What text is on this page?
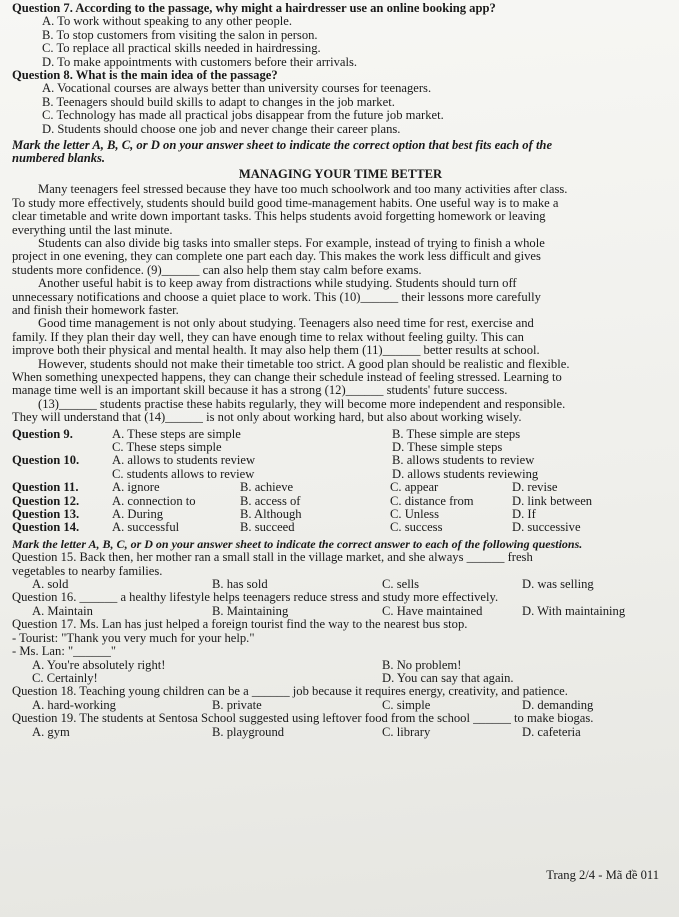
Question 7. According to the passage, why might a hairdresser use an online booking app?
A. To work without speaking to any other people.
B. To stop customers from visiting the salon in person.
C. To replace all practical skills needed in hairdressing.
D. To make appointments with customers before their arrivals.
Question 8. What is the main idea of the passage?
A. Vocational courses are always better than university courses for teenagers.
B. Teenagers should build skills to adapt to changes in the job market.
C. Technology has made all practical jobs disappear from the future job market.
D. Students should choose one job and never change their career plans.
Mark the letter A, B, C, or D on your answer sheet to indicate the correct option that best fits each of the
numbered blanks.
MANAGING YOUR TIME BETTER
Many teenagers feel stressed because they have too much schoolwork and too many activities after class.
To study more effectively, students should build good time-management habits. One useful way is to make a
clear timetable and write down important tasks. This helps students avoid forgetting homework or leaving
everything until the last minute.
Students can also divide big tasks into smaller steps. For example, instead of trying to finish a whole
project in one evening, they can complete one part each day. This makes the work less difficult and gives
students more confidence. (9)______ can also help them stay calm before exams.
Another useful habit is to keep away from distractions while studying. Students should turn off
unnecessary notifications and choose a quiet place to work. This (10)______ their lessons more carefully
and finish their homework faster.
Good time management is not only about studying. Teenagers also need time for rest, exercise and
family. If they plan their day well, they can have enough time to relax without feeling guilty. This can
improve both their physical and mental health. It may also help them (11)______ better results at school.
However, students should not make their timetable too strict. A good plan should be realistic and flexible.
When something unexpected happens, they can change their schedule instead of feeling stressed. Learning to
manage time well is an important skill because it has a strong (12)______ students' future success.
(13)______ students practise these habits regularly, they will become more independent and responsible.
They will understand that (14)______ is not only about working hard, but also about working wisely.
Question 9.	A. These steps are simple	B. These simple are steps
C. These steps simple	D. These simple steps
Question 10.	A. allows to students review	B. allows students to review
C. students allows to review	D. allows students reviewing
Question 11.	A. ignore	B. achieve	C. appear	D. revise
Question 12.	A. connection to	B. access of	C. distance from	D. link between
Question 13.	A. During	B. Although	C. Unless	D. If
Question 14.	A. successful	B. succeed	C. success	D. successive
Mark the letter A, B, C, or D on your answer sheet to indicate the correct answer to each of the following questions.
Question 15. Back then, her mother ran a small stall in the village market, and she always ______ fresh
vegetables to nearby families.
A. sold	B. has sold	C. sells	D. was selling
Question 16. ______ a healthy lifestyle helps teenagers reduce stress and study more effectively.
A. Maintain	B. Maintaining	C. Have maintained	D. With maintaining
Question 17. Ms. Lan has just helped a foreign tourist find the way to the nearest bus stop.
- Tourist: "Thank you very much for your help."
- Ms. Lan: "______"
A. You're absolutely right!	B. No problem!
C. Certainly!	D. You can say that again.
Question 18. Teaching young children can be a ______ job because it requires energy, creativity, and patience.
A. hard-working	B. private	C. simple	D. demanding
Question 19. The students at Sentosa School suggested using leftover food from the school ______ to make biogas.
A. gym	B. playground	C. library	D. cafeteria
Trang 2/4 - Mã đề 011
